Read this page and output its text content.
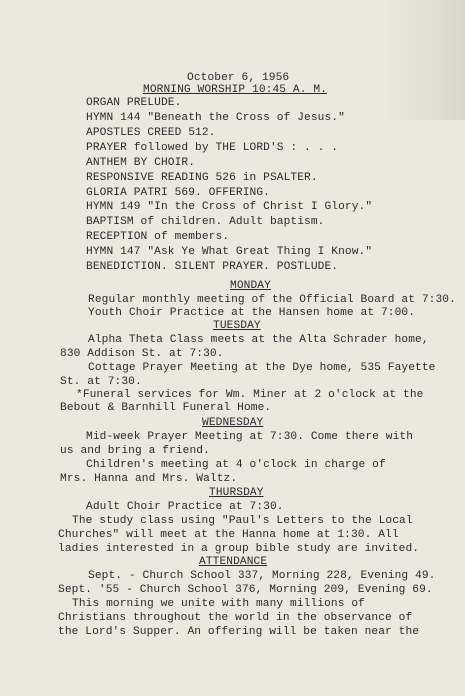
October 6, 1956
MORNING WORSHIP 10:45 A. M.
ORGAN PRELUDE.
HYMN 144 "Beneath the Cross of Jesus."
APOSTLES CREED 512.
PRAYER followed by THE LORD'S : . . .
ANTHEM BY CHOIR.
RESPONSIVE READING 526 in PSALTER.
GLORIA PATRI 569. OFFERING.
HYMN 149 "In the Cross of Christ I Glory."
BAPTISM of children. Adult baptism.
RECEPTION of members.
HYMN 147 "Ask Ye What Great Thing I Know."
BENEDICTION. SILENT PRAYER. POSTLUDE.
MONDAY
Regular monthly meeting of the Official Board at 7:30.
Youth Choir Practice at the Hansen home at 7:00.
TUESDAY
Alpha Theta Class meets at the Alta Schrader home,
830 Addison St. at 7:30.
Cottage Prayer Meeting at the Dye home, 535 Fayette
St. at 7:30.
*Funeral services for Wm. Miner at 2 o'clock at the
Bebout & Barnhill Funeral Home.
WEDNESDAY
Mid-week Prayer Meeting at 7:30. Come there with
us and bring a friend.
Children's meeting at 4 o'clock in charge of
Mrs. Hanna and Mrs. Waltz.
THURSDAY
Adult Choir Practice at 7:30.
The study class using "Paul's Letters to the Local
Churches" will meet at the Hanna home at 1:30. All
ladies interested in a group bible study are invited.
ATTENDANCE
Sept. - Church School 337, Morning 228, Evening 49.
Sept. '55 - Church School 376, Morning 209, Evening 69.
This morning we unite with many millions of
Christians throughout the world in the observance of
the Lord's Supper. An offering will be taken near the
